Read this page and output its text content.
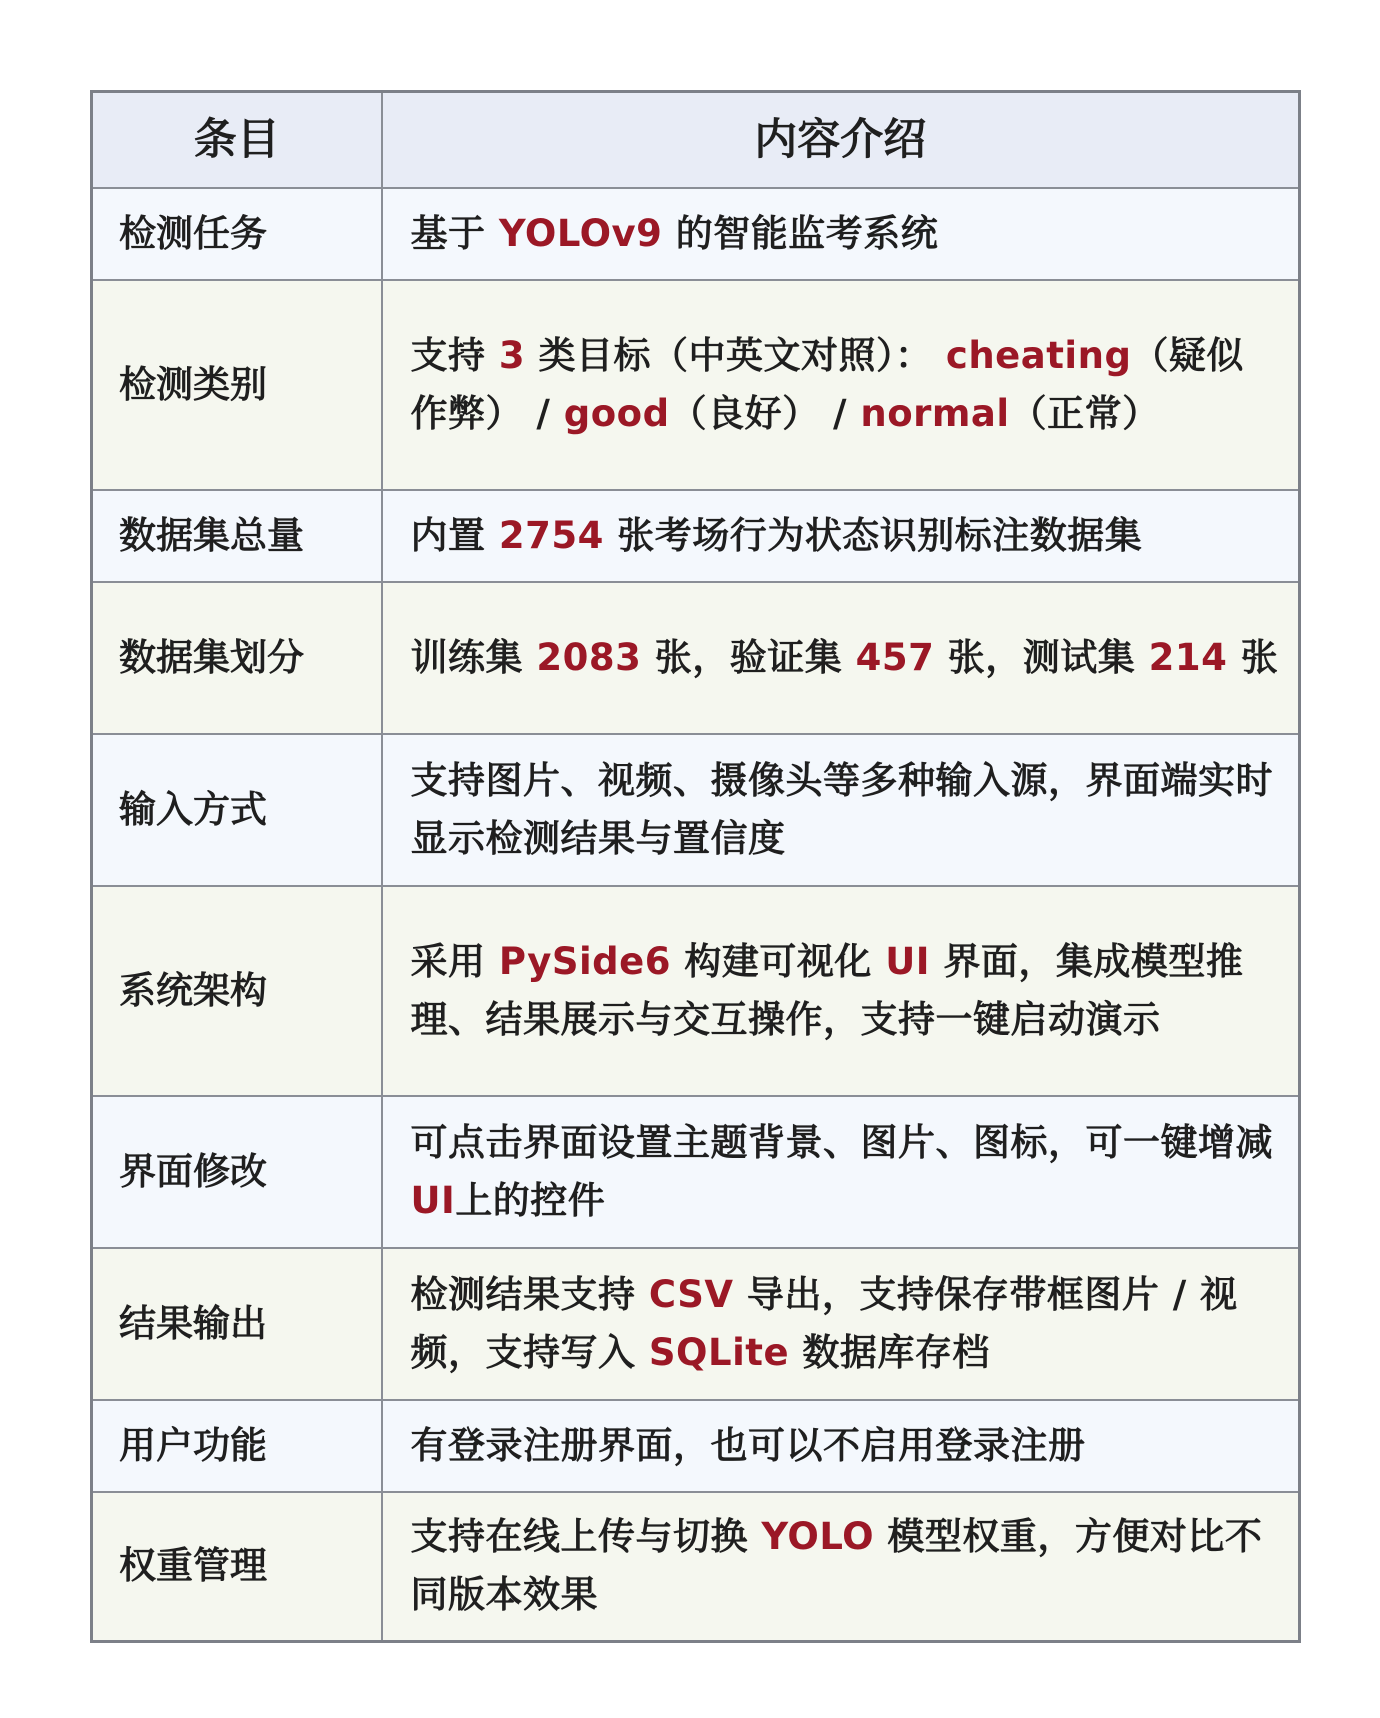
条目	内容介绍
检测任务	基于 YOLOv9 的智能监考系统
检测类别	支持 3 类目标（中英文对照）： cheating（疑似作弊） / good（良好） / normal（正常）
数据集总量	内置 2754 张考场行为状态识别标注数据集
数据集划分	训练集 2083 张，验证集 457 张，测试集 214 张
输入方式	支持图片、视频、摄像头等多种输入源，界面端实时显示检测结果与置信度
系统架构	采用 PySide6 构建可视化 UI 界面，集成模型推理、结果展示与交互操作，支持一键启动演示
界面修改	可点击界面设置主题背景、图片、图标，可一键增减UI上的控件
结果输出	检测结果支持 CSV 导出，支持保存带框图片 / 视频，支持写入 SQLite 数据库存档
用户功能	有登录注册界面，也可以不启用登录注册
权重管理	支持在线上传与切换 YOLO 模型权重，方便对比不同版本效果
